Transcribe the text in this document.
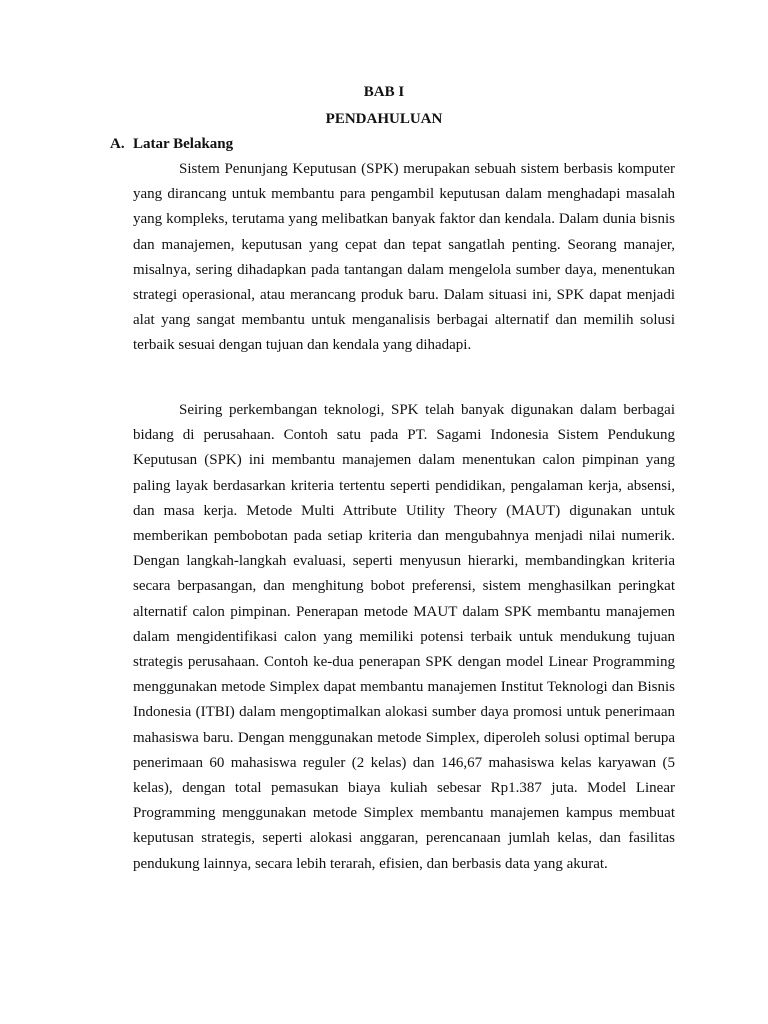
BAB I
PENDAHULUAN
A. Latar Belakang

Sistem Penunjang Keputusan (SPK) merupakan sebuah sistem berbasis komputer yang dirancang untuk membantu para pengambil keputusan dalam menghadapi masalah yang kompleks, terutama yang melibatkan banyak faktor dan kendala. Dalam dunia bisnis dan manajemen, keputusan yang cepat dan tepat sangatlah penting. Seorang manajer, misalnya, sering dihadapkan pada tantangan dalam mengelola sumber daya, menentukan strategi operasional, atau merancang produk baru. Dalam situasi ini, SPK dapat menjadi alat yang sangat membantu untuk menganalisis berbagai alternatif dan memilih solusi terbaik sesuai dengan tujuan dan kendala yang dihadapi.

Seiring perkembangan teknologi, SPK telah banyak digunakan dalam berbagai bidang di perusahaan. Contoh satu pada PT. Sagami Indonesia Sistem Pendukung Keputusan (SPK) ini membantu manajemen dalam menentukan calon pimpinan yang paling layak berdasarkan kriteria tertentu seperti pendidikan, pengalaman kerja, absensi, dan masa kerja. Metode Multi Attribute Utility Theory (MAUT) digunakan untuk memberikan pembobotan pada setiap kriteria dan mengubahnya menjadi nilai numerik. Dengan langkah-langkah evaluasi, seperti menyusun hierarki, membandingkan kriteria secara berpasangan, dan menghitung bobot preferensi, sistem menghasilkan peringkat alternatif calon pimpinan. Penerapan metode MAUT dalam SPK membantu manajemen dalam mengidentifikasi calon yang memiliki potensi terbaik untuk mendukung tujuan strategis perusahaan. Contoh ke-dua penerapan SPK dengan model Linear Programming menggunakan metode Simplex dapat membantu manajemen Institut Teknologi dan Bisnis Indonesia (ITBI) dalam mengoptimalkan alokasi sumber daya promosi untuk penerimaan mahasiswa baru. Dengan menggunakan metode Simplex, diperoleh solusi optimal berupa penerimaan 60 mahasiswa reguler (2 kelas) dan 146,67 mahasiswa kelas karyawan (5 kelas), dengan total pemasukan biaya kuliah sebesar Rp1.387 juta. Model Linear Programming menggunakan metode Simplex membantu manajemen kampus membuat keputusan strategis, seperti alokasi anggaran, perencanaan jumlah kelas, dan fasilitas pendukung lainnya, secara lebih terarah, efisien, dan berbasis data yang akurat.
